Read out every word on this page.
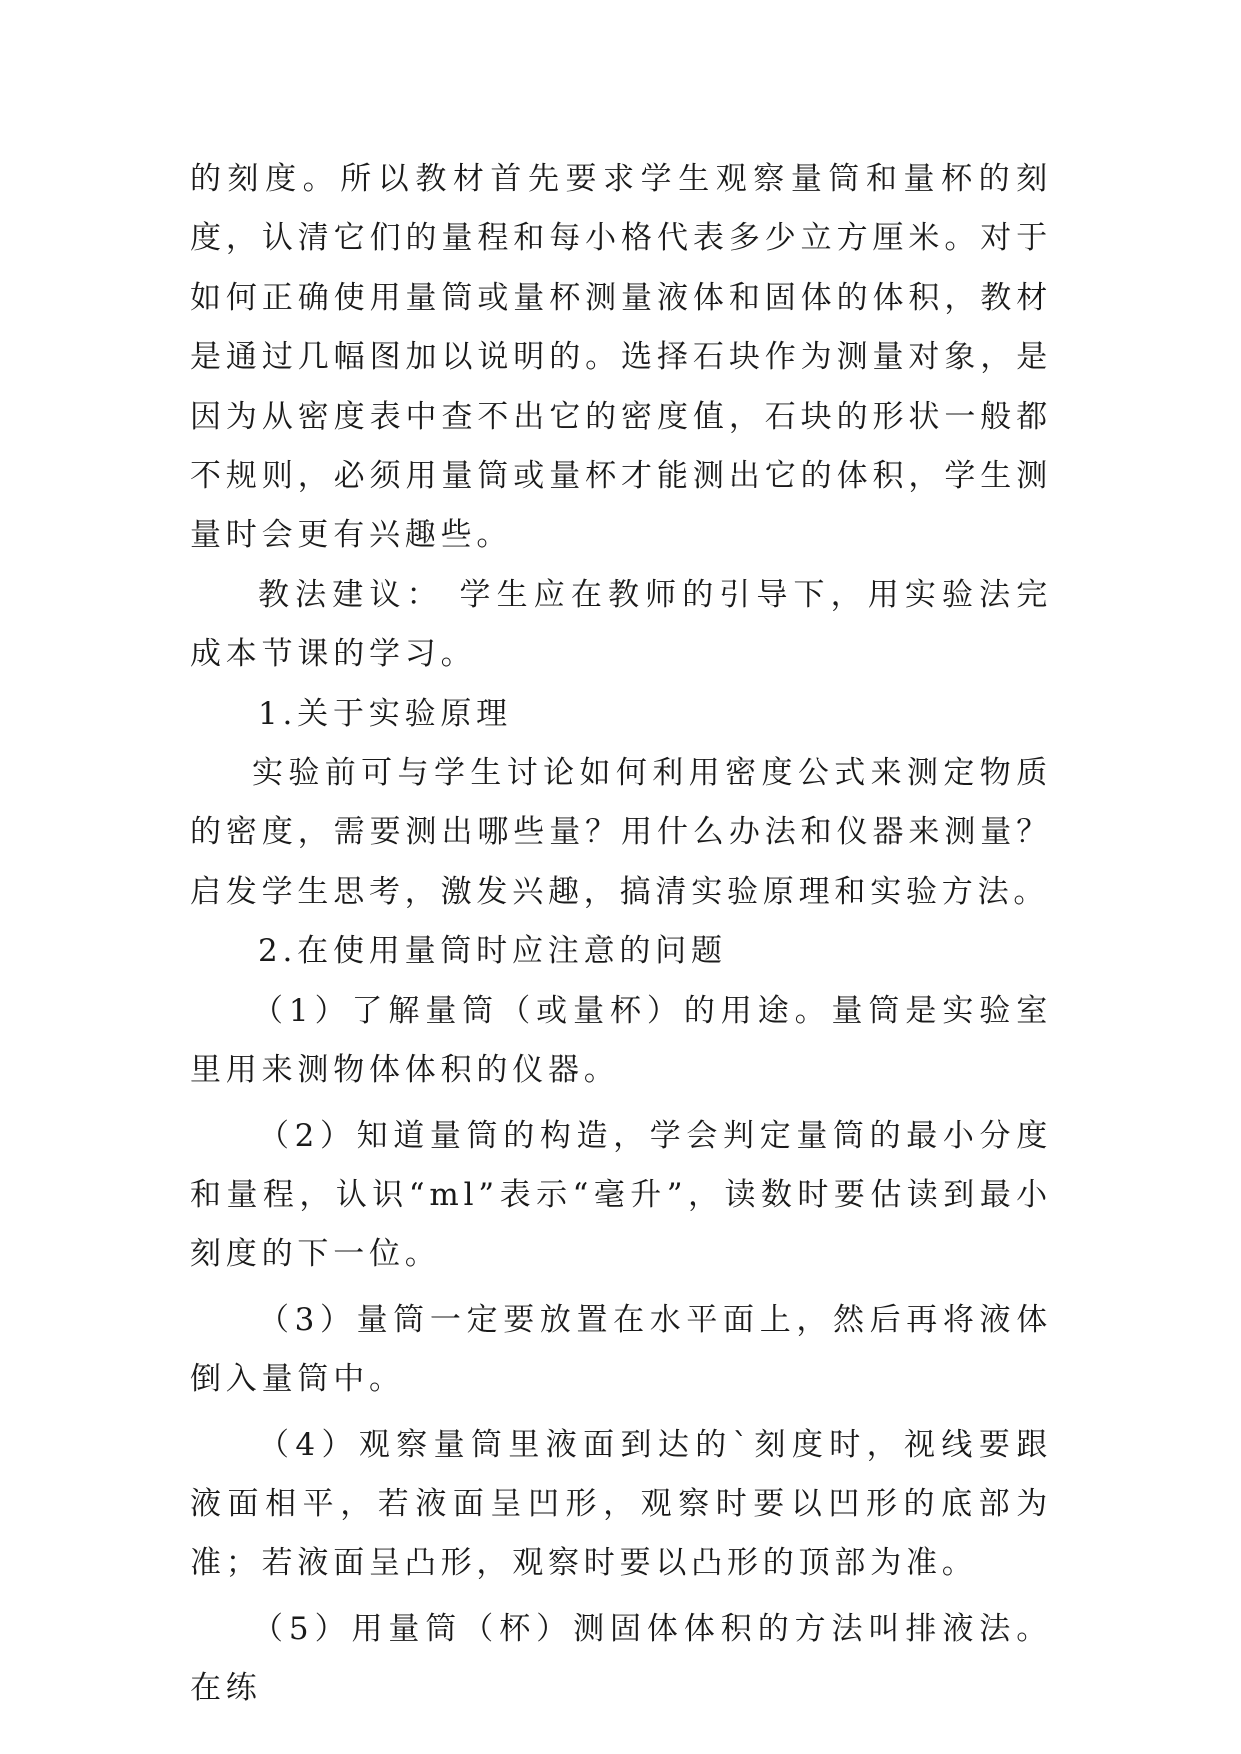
的刻度。所以教材首先要求学生观察量筒和量杯的刻度，认清它们的量程和每小格代表多少立方厘米。对于如何正确使用量筒或量杯测量液体和固体的体积，教材是通过几幅图加以说明的。选择石块作为测量对象，是因为从密度表中查不出它的密度值，石块的形状一般都不规则，必须用量筒或量杯才能测出它的体积，学生测量时会更有兴趣些。

教法建议： 学生应在教师的引导下，用实验法完成本节课的学习。

1.关于实验原理

实验前可与学生讨论如何利用密度公式来测定物质的密度，需要测出哪些量？用什么办法和仪器来测量？启发学生思考，激发兴趣，搞清实验原理和实验方法。

2.在使用量筒时应注意的问题

（1）了解量筒（或量杯）的用途。量筒是实验室里用来测物体体积的仪器。

（2）知道量筒的构造，学会判定量筒的最小分度和量程，认识“ml”表示“毫升”，读数时要估读到最小刻度的下一位。

（3）量筒一定要放置在水平面上，然后再将液体倒入量筒中。

（4）观察量筒里液面到达的`刻度时，视线要跟液面相平，若液面呈凹形，观察时要以凹形的底部为准；若液面呈凸形，观察时要以凸形的顶部为准。

（5）用量筒（杯）测固体体积的方法叫排液法。 在练
